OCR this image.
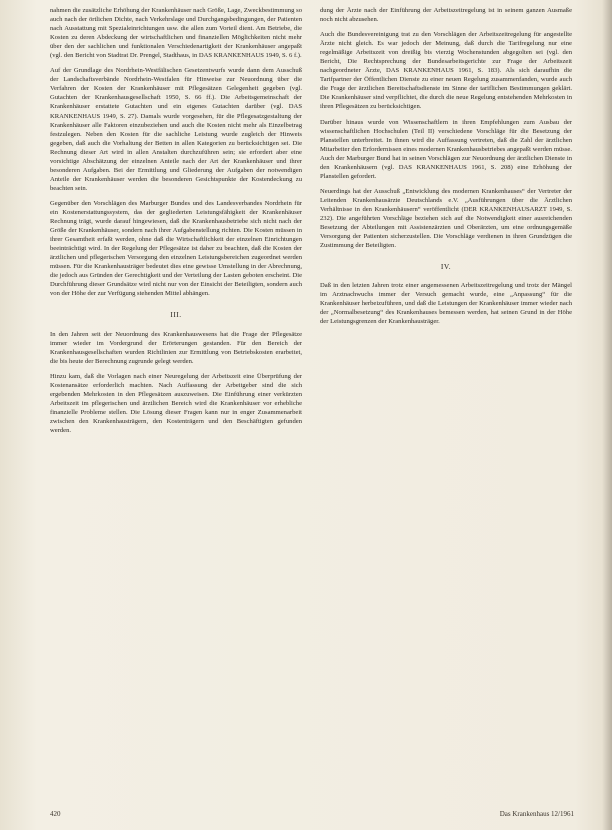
nahmen die zusätzliche Erhöhung der Krankenhäuser nach Größe, Lage, Zweckbestimmung so auch nach der örtlichen Dichte, nach Verkehrslage und Durchgangsbedingungen, der Patienten nach Ausstattung mit Spezialeinrichtungen usw. die allen zum Vorteil dient. Am Betriebe, die Kosten zu deren Abdeckung der wirtschaftlichen und finanziellen Möglichkeiten nicht mehr über den der sachlichen und funktionalen Verschiedenartigkeit der Krankenhäuser angepaßt (vgl. den Bericht von Stadtrat Dr. Prengel, Stadthaus, in DAS KRANKENHAUS 1949, S. 6 f.).

Auf der Grundlage des Nordrhein-Westfälischen Gesetzentwurfs wurde dann dem Ausschuß der Landschaftsverbände Nordrhein-Westfalen für Hinweise zur Neuordnung über die Verfahren der Kosten der Krankenhäuser mit Pflegesätzen Gelegenheit gegeben (vgl. Gutachten der Krankenhausgesellschaft 1950, S. 66 ff.). Die Arbeitsgemeinschaft der Krankenhäuser erstattete Gutachten und ein eigenes Gutachten darüber (vgl. DAS KRANKENHAUS 1949, S. 27). Damals wurde vorgesehen, für die Pflegesatzgestaltung der Krankenhäuser alle Faktoren einzubeziehen und auch die Kosten nicht mehr als Einzelbetrag festzulegen. Neben den Kosten für die sachliche Leistung wurde zugleich der Hinweis gegeben, daß auch die Vorhaltung der Betten in allen Kategorien zu berücksichtigen sei. Die Rechnung dieser Art wird in allen Anstalten durchzuführen sein; sie erfordert aber eine vorsichtige Abschätzung der einzelnen Anteile nach der Art der Krankenhäuser und ihrer besonderen Aufgaben. Bei der Ermittlung und Gliederung der Aufgaben der notwendigen Anteile der Krankenhäuser werden die besonderen Gesichtspunkte der Kostendeckung zu beachten sein.

Gegenüber den Vorschlägen des Marburger Bundes und des Landesverbandes Nordrhein für ein Kostenerstattungssystem, das der gegliederten Leistungsfähigkeit der Krankenhäuser Rechnung trägt, wurde darauf hingewiesen, daß die Krankenhausbetriebe sich nicht nach der Größe der Krankenhäuser, sondern nach ihrer Aufgabenstellung richten. Die Kosten müssen in ihrer Gesamtheit erfaßt werden, ohne daß die Wirtschaftlichkeit der einzelnen Einrichtungen beeinträchtigt wird. In der Regelung der Pflegesätze ist daher zu beachten, daß die Kosten der ärztlichen und pflegerischen Versorgung den einzelnen Leistungsbereichen zugeordnet werden müssen. Für die Krankenhausträger bedeutet dies eine gewisse Umstellung in der Abrechnung, die jedoch aus Gründen der Gerechtigkeit und der Verteilung der Lasten geboten erscheint. Die Durchführung dieser Grundsätze wird nicht nur von der Einsicht der Beteiligten, sondern auch von der Höhe der zur Verfügung stehenden Mittel abhängen.

III.

In den Jahren seit der Neuordnung des Krankenhauswesens hat die Frage der Pflegesätze immer wieder im Vordergrund der Erörterungen gestanden. Für den Bereich der Krankenhausgesellschaften wurden Richtlinien zur Ermittlung von Betriebskosten erarbeitet, die bis heute der Berechnung zugrunde gelegt werden.

Hinzu kam, daß die Vorlagen nach einer Neuregelung der Arbeitszeit eine Überprüfung der Kostenansätze erforderlich machten. Nach Auffassung der Arbeitgeber sind die sich ergebenden Mehrkosten in den Pflegesätzen auszuweisen. Die Einführung einer verkürzten Arbeitszeit im pflegerischen und ärztlichen Bereich wird die Krankenhäuser vor erhebliche finanzielle Probleme stellen. Die Lösung dieser Fragen kann nur in enger Zusammenarbeit zwischen den Krankenhausträgern, den Kostenträgern und den Beschäftigten gefunden werden.

dung der Ärzte nach der Einführung der Arbeitszeitregelung ist in seinem ganzen Ausmaße noch nicht abzusehen.

Auch die Bundesvereinigung trat zu den Vorschlägen der Arbeitszeitregelung für angestellte Ärzte nicht gleich. Es war jedoch der Meinung, daß durch die Tarifregelung nur eine regelmäßige Arbeitszeit von dreißig bis vierzig Wochenstunden abgegolten sei (vgl. den Bericht, Die Rechtsprechung der Bundesarbeitsgerichte zur Frage der Arbeitszeit nachgeordneter Ärzte, DAS KRANKENHAUS 1961, S. 183). Als sich daraufhin die Tarifpartner der Öffentlichen Dienste zu einer neuen Regelung zusammenfanden, wurde auch die Frage der ärztlichen Bereitschaftsdienste im Sinne der tariflichen Bestimmungen geklärt. Die Krankenhäuser sind verpflichtet, die durch die neue Regelung entstehenden Mehrkosten in ihren Pflegesätzen zu berücksichtigen.

Darüber hinaus wurde von Wissenschaftlern in ihren Empfehlungen zum Ausbau der wissenschaftlichen Hochschulen (Teil II) verschiedene Vorschläge für die Besetzung der Planstellen unterbreitet. In ihnen wird die Auffassung vertreten, daß die Zahl der ärztlichen Mitarbeiter den Erfordernissen eines modernen Krankenhausbetriebes angepaßt werden müsse. Auch der Marburger Bund hat in seinen Vorschlägen zur Neuordnung der ärztlichen Dienste in den Krankenhäusern (vgl. DAS KRANKENHAUS 1961, S. 208) eine Erhöhung der Planstellen gefordert.

Neuerdings hat der Ausschuß „Entwicklung des modernen Krankenhauses“ der Vertreter der Leitenden Krankenhausärzte Deutschlands e.V. „Ausführungen über die Ärztlichen Verhältnisse in den Krankenhäusern“ veröffentlicht (DER KRANKENHAUSARZT 1949, S. 232). Die angeführten Vorschläge beziehen sich auf die Notwendigkeit einer ausreichenden Besetzung der Abteilungen mit Assistenzärzten und Oberärzten, um eine ordnungsgemäße Versorgung der Patienten sicherzustellen. Die Vorschläge verdienen in ihren Grundzügen die Zustimmung der Beteiligten.

IV.

Daß in den letzten Jahren trotz einer angemessenen Arbeitszeitregelung und trotz der Mängel im Arztnachwuchs immer der Versuch gemacht wurde, eine „Anpassung“ für die Krankenhäuser herbeizuführen, und daß die Leistungen der Krankenhäuser immer wieder nach der „Normalbesetzung“ des Krankenhauses bemessen werden, hat seinen Grund in der Höhe der Leistungsgrenzen der Krankenhausträger.

420	Das Krankenhaus 12/1961
